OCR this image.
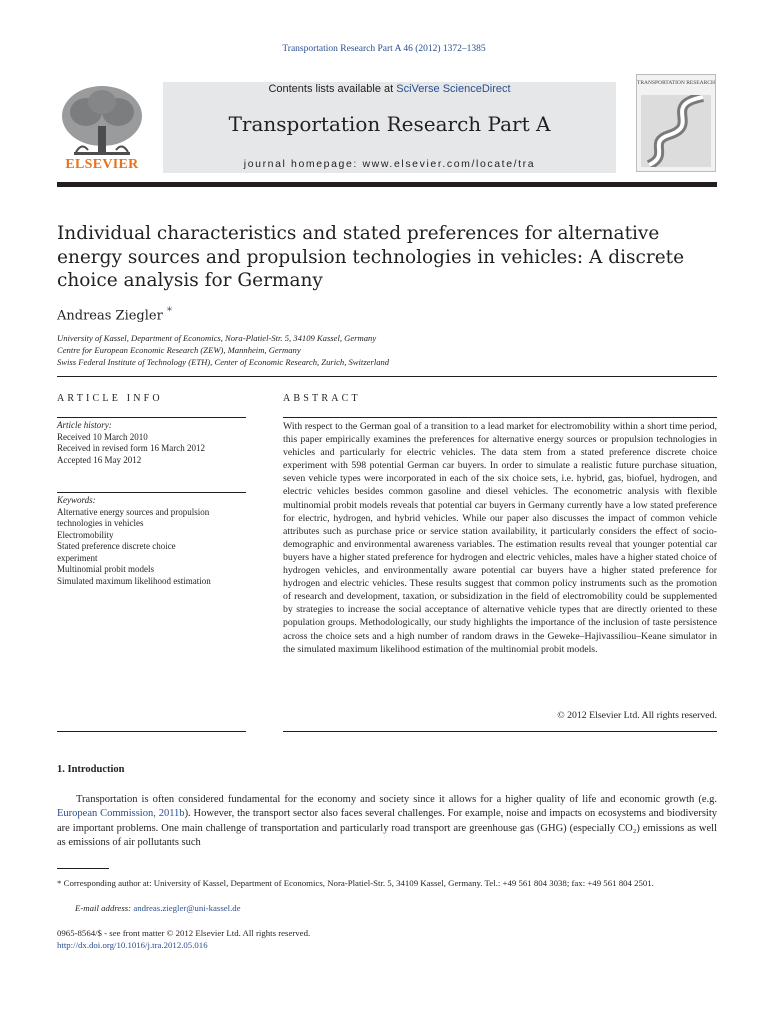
Transportation Research Part A 46 (2012) 1372–1385
ELSEVIER
Contents lists available at SciVerse ScienceDirect
Transportation Research Part A
journal homepage: www.elsevier.com/locate/tra
TRANSPORTATION RESEARCH
Individual characteristics and stated preferences for alternative energy sources and propulsion technologies in vehicles: A discrete choice analysis for Germany
Andreas Ziegler *
University of Kassel, Department of Economics, Nora-Platiel-Str. 5, 34109 Kassel, Germany
Centre for European Economic Research (ZEW), Mannheim, Germany
Swiss Federal Institute of Technology (ETH), Center of Economic Research, Zurich, Switzerland
ARTICLE INFO
Article history:
Received 10 March 2010
Received in revised form 16 March 2012
Accepted 16 May 2012
Keywords:
Alternative energy sources and propulsion
technologies in vehicles
Electromobility
Stated preference discrete choice
experiment
Multinomial probit models
Simulated maximum likelihood estimation
ABSTRACT

With respect to the German goal of a transition to a lead market for electromobility within a short time period, this paper empirically examines the preferences for alternative energy sources or propulsion technologies in vehicles and particularly for electric vehicles. The data stem from a stated preference discrete choice experiment with 598 potential German car buyers. In order to simulate a realistic future purchase situation, seven vehicle types were incorporated in each of the six choice sets, i.e. hybrid, gas, biofuel, hydrogen, and electric vehicles besides common gasoline and diesel vehicles. The econometric analysis with flexible multinomial probit models reveals that potential car buyers in Germany currently have a low stated preference for electric, hydrogen, and hybrid vehicles. While our paper also discusses the impact of common vehicle attributes such as purchase price or service station availability, it particularly considers the effect of socio-demographic and environmental awareness variables. The estimation results reveal that younger potential car buyers have a higher stated preference for hydrogen and electric vehicles, males have a higher stated choice of hydrogen vehicles, and environmentally aware potential car buyers have a higher stated preference for hydrogen and electric vehicles. These results suggest that common policy instruments such as the promotion of research and development, taxation, or subsidization in the field of electromobility could be supplemented by strategies to increase the social acceptance of alternative vehicle types that are directly oriented to these population groups. Methodologically, our study highlights the importance of the inclusion of taste persistence across the choice sets and a high number of random draws in the Geweke–Hajivassiliou–Keane simulator in the simulated maximum likelihood estimation of the multinomial probit models.

© 2012 Elsevier Ltd. All rights reserved.
1. Introduction

Transportation is often considered fundamental for the economy and society since it allows for a higher quality of life and economic growth (e.g. European Commission, 2011b). However, the transport sector also faces several challenges. For example, noise and impacts on ecosystems and biodiversity are important problems. One main challenge of transportation and particularly road transport are greenhouse gas (GHG) (especially CO₂) emissions as well as emissions of air pollutants such

* Corresponding author at: University of Kassel, Department of Economics, Nora-Platiel-Str. 5, 34109 Kassel, Germany. Tel.: +49 561 804 3038; fax: +49 561 804 2501.
E-mail address: andreas.ziegler@uni-kassel.de
0965-8564/$ - see front matter © 2012 Elsevier Ltd. All rights reserved.
http://dx.doi.org/10.1016/j.tra.2012.05.016
